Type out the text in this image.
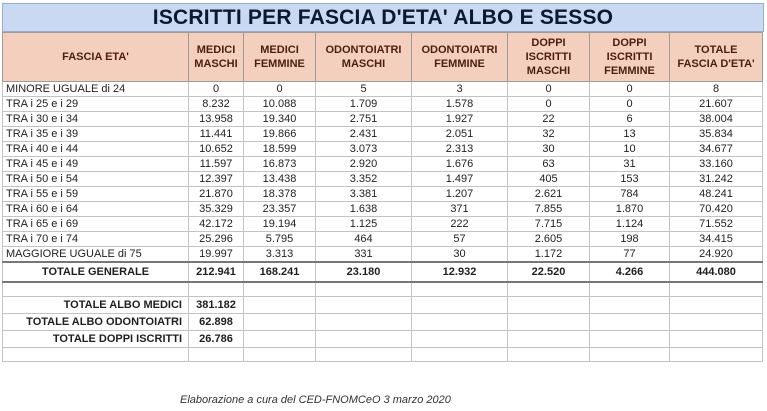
ISCRITTI PER FASCIA D'ETA' ALBO E SESSO
FASCIA ETA'	MEDICI MASCHI	MEDICI FEMMINE	ODONTOIATRI MASCHI	ODONTOIATRI FEMMINE	DOPPI ISCRITTI MASCHI	DOPPI ISCRITTI FEMMINE	TOTALE FASCIA D'ETA'
MINORE UGUALE di 24	0	0	5	3	0	0	8
TRA i 25 e i 29	8.232	10.088	1.709	1.578	0	0	21.607
TRA i 30 e i 34	13.958	19.340	2.751	1.927	22	6	38.004
TRA i 35 e i 39	11.441	19.866	2.431	2.051	32	13	35.834
TRA i 40 e i 44	10.652	18.599	3.073	2.313	30	10	34.677
TRA i 45 e i 49	11.597	16.873	2.920	1.676	63	31	33.160
TRA i 50 e i 54	12.397	13.438	3.352	1.497	405	153	31.242
TRA i 55 e i 59	21.870	18.378	3.381	1.207	2.621	784	48.241
TRA i 60 e i 64	35.329	23.357	1.638	371	7.855	1.870	70.420
TRA i 65 e i 69	42.172	19.194	1.125	222	7.715	1.124	71.552
TRA i 70 e i 74	25.296	5.795	464	57	2.605	198	34.415
MAGGIORE UGUALE di 75	19.997	3.313	331	30	1.172	77	24.920
TOTALE GENERALE	212.941	168.241	23.180	12.932	22.520	4.266	444.080

TOTALE ALBO MEDICI	381.182						
TOTALE ALBO ODONTOIATRI	62.898						
TOTALE DOPPI ISCRITTI	26.786						

Elaborazione a cura del CED-FNOMCeO 3 marzo 2020
